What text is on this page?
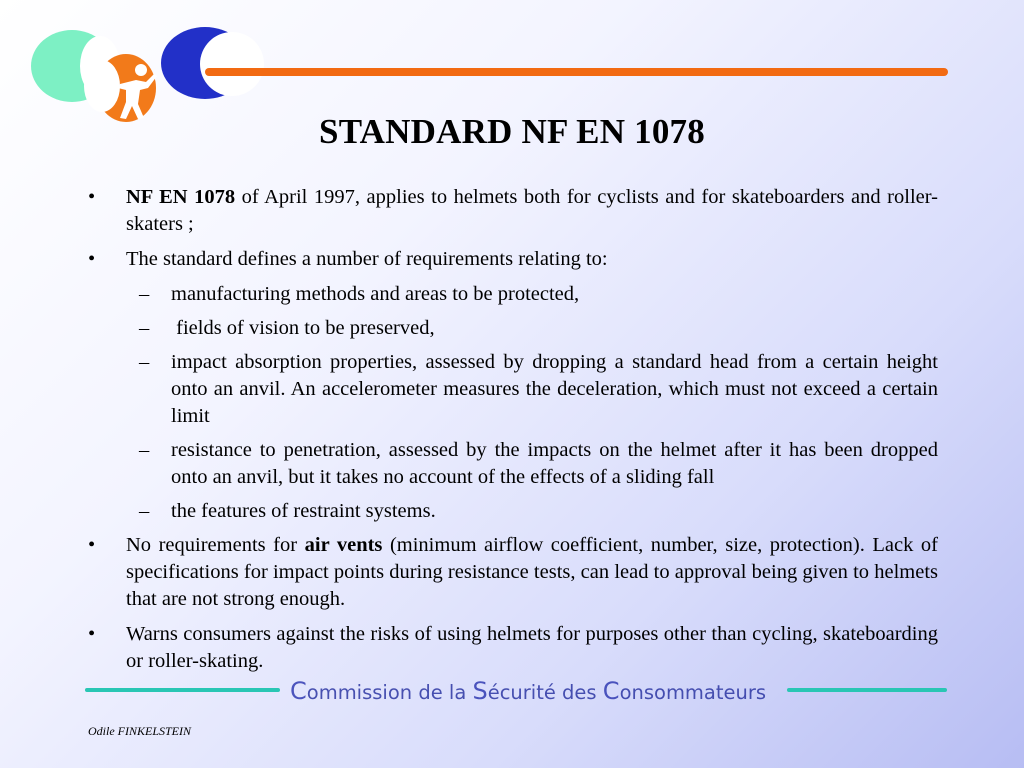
STANDARD NF EN 1078
• NF EN 1078 of April 1997, applies to helmets both for cyclists and for skateboarders and roller-skaters ;
• The standard defines a number of requirements relating to:
– manufacturing methods and areas to be protected,
– fields of vision to be preserved,
– impact absorption properties, assessed by dropping a standard head from a certain height onto an anvil. An accelerometer measures the deceleration, which must not exceed a certain limit
– resistance to penetration, assessed by the impacts on the helmet after it has been dropped onto an anvil, but it takes no account of the effects of a sliding fall
– the features of restraint systems.
• No requirements for air vents (minimum airflow coefficient, number, size, protection). Lack of specifications for impact points during resistance tests, can lead to approval being given to helmets that are not strong enough.
• Warns consumers against the risks of using helmets for purposes other than cycling, skateboarding or roller-skating.
Commission de la Sécurité des Consommateurs
Odile FINKELSTEIN
